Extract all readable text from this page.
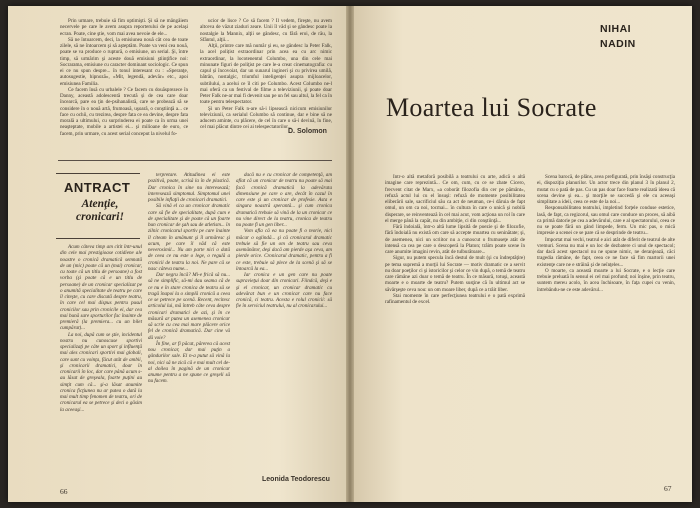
Prin urmare, trebuie să fim optimişti. Şi să ne mângâiem necervele pe care le avem asupra reporterului de pe acelaşi ecran. Poate, cine ştie, vom mai avea nevoie de ele...

Să ne întoarcem, deci, la emisiunea nouă cât cea de toate zilele, să ne întoarcem şi să aşteptăm. Poate va veni cea nouă, poate se va produce o ruptură, o emisiune, un serial. Şi, între timp, să urmărim şi aceste două emisiuni ştiinţifice noi: Socrarama, emisiune cu caracter dominant sociologic. Ce spun ei ce nu spun despre... în tonul interesant cu : «Speranţe, autosugestie, hipnoză», «Mit, legendă, adevăr» etc., apoi emisiunea Familia.

Ce facem însă cu urbalele ? Ce facem cu douăsprezece în Danny, această adolescentă trecută și de cea care doar încearcă, pare ea ţin de-psihanalistă, care se probează să se considere în o nouă artă, frumoasă, uşoară, o conştiinţă a... ce face cu ochii, cu trezirea, despre fata ce ea devine, despre fata morală a ultimului, cu surprinderea ei poate ca în urma unei neaşteptate, mobile a artistei ei... şi milioane de euro, ce facem, prin urmare, cu acest serial conceput la nivelul fo-

ucior de lisce ? Ce să facem ? Il vedem, fireşte, nu avem altceva de văzut ziaduri zeare. Unii îl văd şi se gândesc poate la nostalgie la Mannix, alţii se gândesc, cu fără eroi, de rău, la Sfântul, alţii...

Alţii, printre care mă număr şi eu, se gândesc la Peter Falk, la acel polițist extraordinar prin acea ea cu arc nimic extraordinar, la locotenentul Columbo, una din cele mai minunate figuri de poliţist pe care le-a creat cinematografia: cu capul și încovoiat, dar un sunarul ingineri şi cu privirea umilă, bătrân, nostalgic, triumful inteligenţei asupra mijloacelor, subtilului, a acelui ce îl citi pe Columbo. Acest Columbo ne-l mai oferă ca un festival de filme a televiziunii, şi poate doar Peter Falk ne-ar mai fi devenit sau pe un fel sau altul, la fel ca în toate pentru telespectator.

Şi un Peter Falk n-are să-i lipsească nicicum emisiunilor televiziunii, ca serialul Columbo să continue, dar e bine să ne aducem aminte, cu plăcere, de cel în care o să-i devină, în fine, cel mai plăcut dintre cei ai telespectatorilor...

D. Solomon
ANTRACT
Atenţie, cronicari!

Acum câteva timp am citit într-unul din cele mai prestigioase cotidiene ale noastre o cronică dramatică semnată de un (mic) poate că un (mai) cronicar, cu toate că un titlu de persoane) a fost vorba (şi poate că e un titlu de persoane) de un cronicar specializat pe o anumită specialitate de teatru pe care îl citeşte, cu care discută despre teatru, în care cel mai dispus pentru pusul cronicilor sau prin cronicile ei, dar cea mai bună sare sporturilor fac înainte de premieră (la premiera... cu un bilet cumpărat)...

La noi, după cum se ştie, incidentul nostru nu cunoscuse sportivi specializaţi pe câte un sport şi influenţă mai ales cronicari sportivi mai globali, care sunt cu voinţa, făcut atât de ambii, şi cronicarii dramatici, doar în cronicarii în loc, dar care până acum s-au lăsat de greşeala, foarte puţini au simţit cum că... şi-a lăsat anumite cronica ficţiunea nu ar putea o dată la mai mult timp fenomen de teatru, ori de cronicarul ea se petrece şi deci o găsim la aceeaşi...

terpretare. Atitudinea ei este pozitivă, poate, scrisă la în de plastică. Dar cronica în sine nu interesează; interesează simptomul. Simptomul unei posibile inflaţii de cronicari dramatici.

Să vină el ca un cronicar dramatic care să fie de specialitate, după cum e de specialitate şi de poate că un foarte bun cronicar de şah sau de atletism... în zilnic cronicarul sportiv pe care înainte îl citeam în amănunt şi îl urmăresc şi acum, pe care îl văd că este neverosimil... Nu am parte nici o dată de ceea ce nu este o lege, o regulă a cronicii de teatru la noi. Ne pare că se nasc câteva nume...

Dar negru încă? Mi-e frică să nu... să ne simplific, să-mi dau seama că de ce nu e în stare cronica de teatru să se tragă înapoi la o simplă cronică a ceea ce se petrece pe scenă. Recent, recitesc articolul lui, mă întreb câte ceva despre cronicari dramatici de azi, şi în ce măsură ar putea un asemenea cronicar să scrie cu cea mai mare plăcere orice fel de cronică dramatică. Dar cine vă dă voie?

În fine, ar fi păcat, părerea că acest nou cronicar, dar mai puţin a gândurilor sale. El n-a putut să vină la noi, nici să ne zică că e mai mult cel de-al doilea în pagină de un cronicar anume pentru a ne spune ce greşeli să nu facem.

dacă nu e cu cronicar de competenţă, am aflat că un cronicar de teatru nu poate să mai facă cronică dramatică la adevărata dimensiune pe care o are, decât în cazul în care este şi un cronicar de profesie. Asta e singura noastră sperantă... şi cum cronica dramatică trebuie să vină de la un cronicar ce nu vine direct de la teatru, cronica de teatru nu poate fi un gen liber...

Vom afla că ea nu poate fi o teorie, nici măcar o oglindă... şi că cronicarul dramatic trebuie să fie un om de teatru sau ceva asemănător, deşi dacă am pierde aşa ceva, am pierde orice. Cronicarul dramatic, pentru a fi ce este, trebuie să plece de la scenă şi să se întoarcă la ea...

Iar cronica e un gen care nu poate supravieţui doar din cronicari. Fiindcă, deşi e şi el cronicar, un cronicar dramatic cu adevărat bun e un cronicar care nu face cronică, ci teatru. Acesta e rolul cronicii: să fie în serviciul teatrului, nu al cronicarului...

Leonida Teodorescu
66
NIHAI
NADIN
Moartea lui Socrate

Intr-o altă metaforă posibilă a teatrului cu arte, adică o altă imagine care reprezintă... Ce om, cum, cu ce se zbate Cicero, frecvent citat de Marx, «a coborât filozofia din cer pe pământ», refuză actul lui cu el însuşi: refuză de momente posibilitatea eliberării sale, sacrificiul său ca act de neuman, ce-i dăruia de fapt omul, un om ca noi, tocmai... în cultura în care o unică şi nobilă disperare, se reinventează în cel mai acut, vom acţiona un rol în care el merge până la capăt, nu din ambiţie, ci din conştiinţă...

Fără îndoială, într-o altă lume lipsită de poezie şi de filozofie, fără îndoială nu există om care să accepte moartea cu seninătate; şi, de asemenea, nici un scriitor nu a cunoscut o frumuseţe atât de intensă ca cea pe care o descoperă la Platon; trăim poate scene în care anumite imagini revin, atât de tulburătoare...

Sigur, nu putem specula încă destul de mult (şi cu îndreptăţire) pe tema supremă a morţii lui Socrate — motiv dramatic ce a servit nu doar poeţilor ci şi istoricilor şi celor ce vin după, o temă de teatru care rămâne azi doar o temă de teatru. În ce măsură, totuşi, această moarte e o moarte de teatru? Putem susţine că în ultimul act se săvârşeşte ceva nou: un om moare liber, după ce a trăit liber.

Stai momente în care perfecţiunea teatrului e o pată exprimă rafinamentul de excel.

Scena barocă, de plâns, avea prefigurată, prin însăşi construcţia ei, dispoziţia planurilor. Un actor trece din planul 3 în planul 2, mutat cu o pată de pas. Cu un pas doar face foarte realizată ideea că scena devine şi ea... şi morţile se succedă şi ele cu aceeaşi simplitate a ideii, ceea ce este de la noi...

Responsabilitatea teatrului, impletind forţele conduse estetice, lasă, de fapt, ca regizorul, sau omul care conduce un proces, să aibă ca primă datorie pe cea a adevărului, care e al spectatorului, ceea ce nu se poate fără un gând limpede, ferm. Un mic pas, o mică impresie a scenei ce se pare că se desprinde de teatru...

Importat mai vechi, teatrul e aici atât de diferit de teatrul de alte vremuri. Scena nu mai e un loc de dezbatere ci unul de spectacol; dar dacă acest spectacol nu ne spune nimic, ne deranjează, căci tragedia rămâne, de fapt, ceea ce ne face să fim martorii unei existenţe care ne e străină şi de neînţeles...

O moarte, ca această moarte a lui Socrate, e o lecţie care trebuie preluată în sensul ei cel mai profund; noi înşine, prin teatru, suntem mereu acolo, în acea închisoare, în faţa cupei cu venin, întrebându-ne ce este adevărul...

67
